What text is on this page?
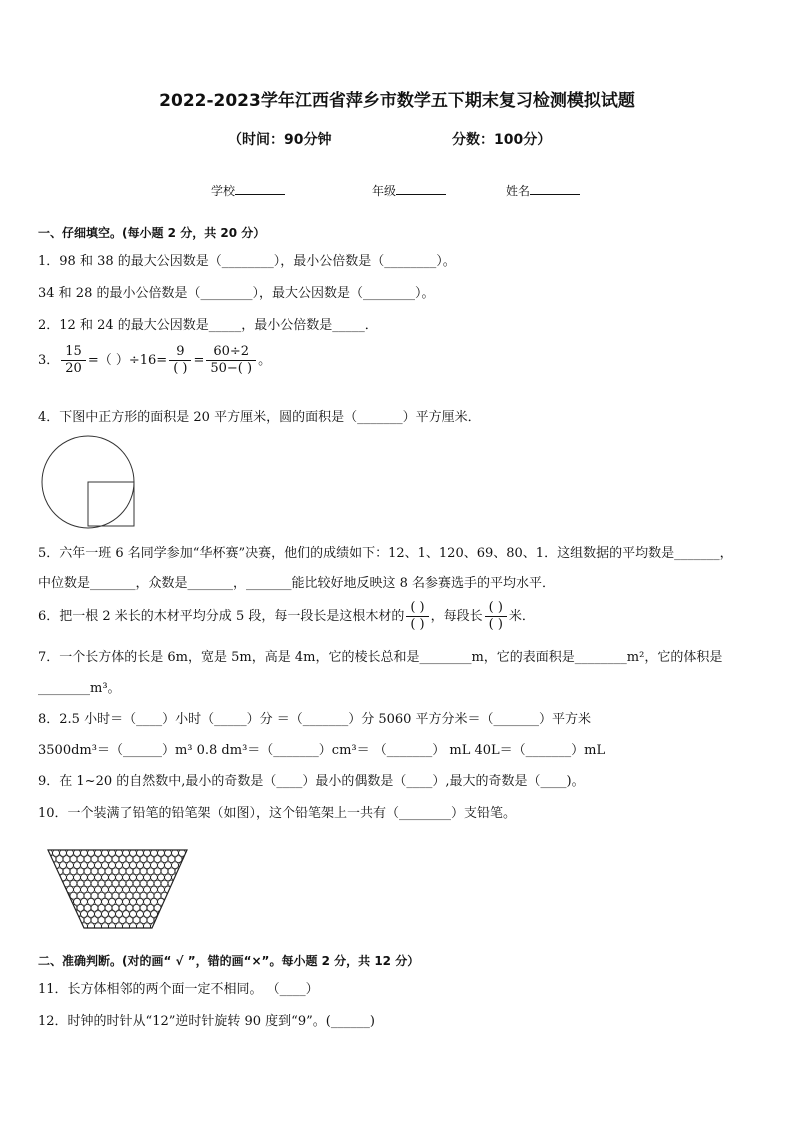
2022-2023学年江西省萍乡市数学五下期末复习检测模拟试题
（时间：90分钟	分数：100分）
学校	年级	姓名
一、仔细填空。(每小题 2 分，共 20 分）
1．98 和 38 的最大公因数是（________），最小公倍数是（________）。
34 和 28 的最小公倍数是（________），最大公因数是（________）。
2．12 和 24 的最大公因数是_____，最小公倍数是_____．
3． $\frac{15}{20}$ =（ ）$\div 16= \frac{9}{( )} = \frac{60\div 2}{50-( )}$ 。
4．下图中正方形的面积是 20 平方厘米，圆的面积是（_______）平方厘米．
5．六年一班 6 名同学参加“华杯赛”决赛，他们的成绩如下：12、1、120、69、80、1．这组数据的平均数是_______，
中位数是_______，众数是_______，_______能比较好地反映这 8 名参赛选手的平均水平．
6．把一根 2 米长的木材平均分成 5 段，每一段长是这根木材的 $\frac{( )}{( )}$ ，每段长 $\frac{( )}{( )}$ 米．
7．一个长方体的长是 6m，宽是 5m，高是 4m，它的棱长总和是________m，它的表面积是________m²，它的体积是
________m³。
8．2.5 小时＝（____）小时（_____）分 ＝（_______）分 5060 平方分米＝（_______）平方米
3500dm³＝（______）m³ 0.8 dm³＝（_______）cm³＝ （_______） mL 40L＝（_______）mL
9．在 1~20 的自然数中,最小的奇数是（____）最小的偶数是（____）,最大的奇数是（____)。
10．一个装满了铅笔的铅笔架（如图），这个铅笔架上一共有（________）支铅笔。
二、准确判断。(对的画“ √ ”，错的画“×”。每小题 2 分，共 12 分）
11．长方体相邻的两个面一定不相同。 （____）
12．时钟的时针从“12”逆时针旋转 90 度到“9”。(______)
